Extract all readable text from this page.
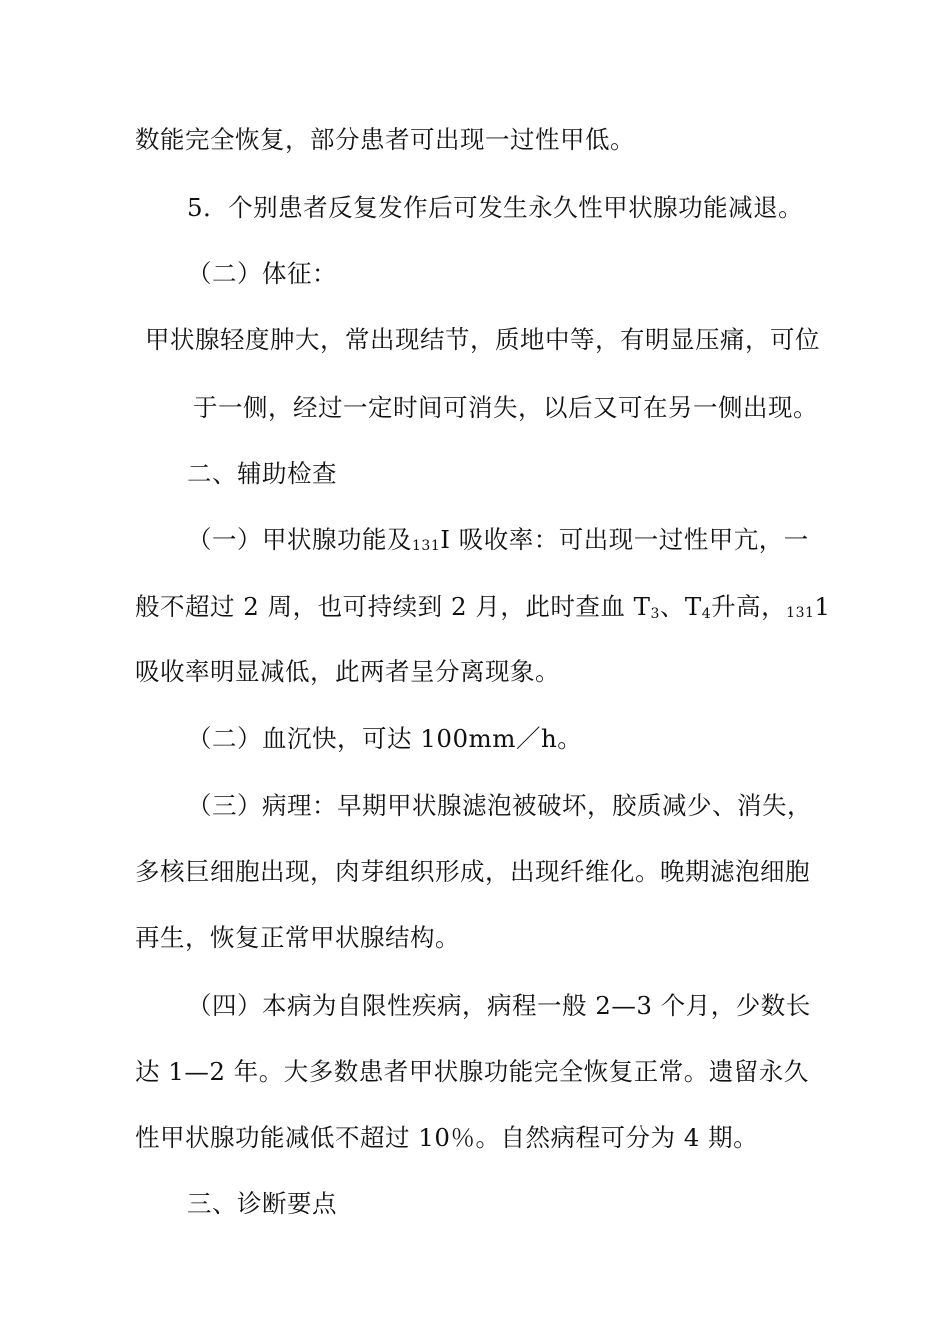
数能完全恢复，部分患者可出现一过性甲低。
5．个别患者反复发作后可发生永久性甲状腺功能减退。
（二）体征：
甲状腺轻度肿大，常出现结节，质地中等，有明显压痛，可位
于一侧，经过一定时间可消失，以后又可在另一侧出现。
二、辅助检查
（一）甲状腺功能及131I 吸收率：可出现一过性甲亢，一
般不超过 2 周，也可持续到 2 月，此时查血 $T_3$、$T_4$升高，1311
吸收率明显减低，此两者呈分离现象。
（二）血沉快，可达 100mm／h。
（三）病理：早期甲状腺滤泡被破坏，胶质减少、消失，
多核巨细胞出现，肉芽组织形成，出现纤维化。晚期滤泡细胞
再生，恢复正常甲状腺结构。
（四）本病为自限性疾病，病程一般 2—3 个月，少数长
达 1—2 年。大多数患者甲状腺功能完全恢复正常。遗留永久
性甲状腺功能减低不超过 10％。自然病程可分为 4 期。
三、诊断要点
